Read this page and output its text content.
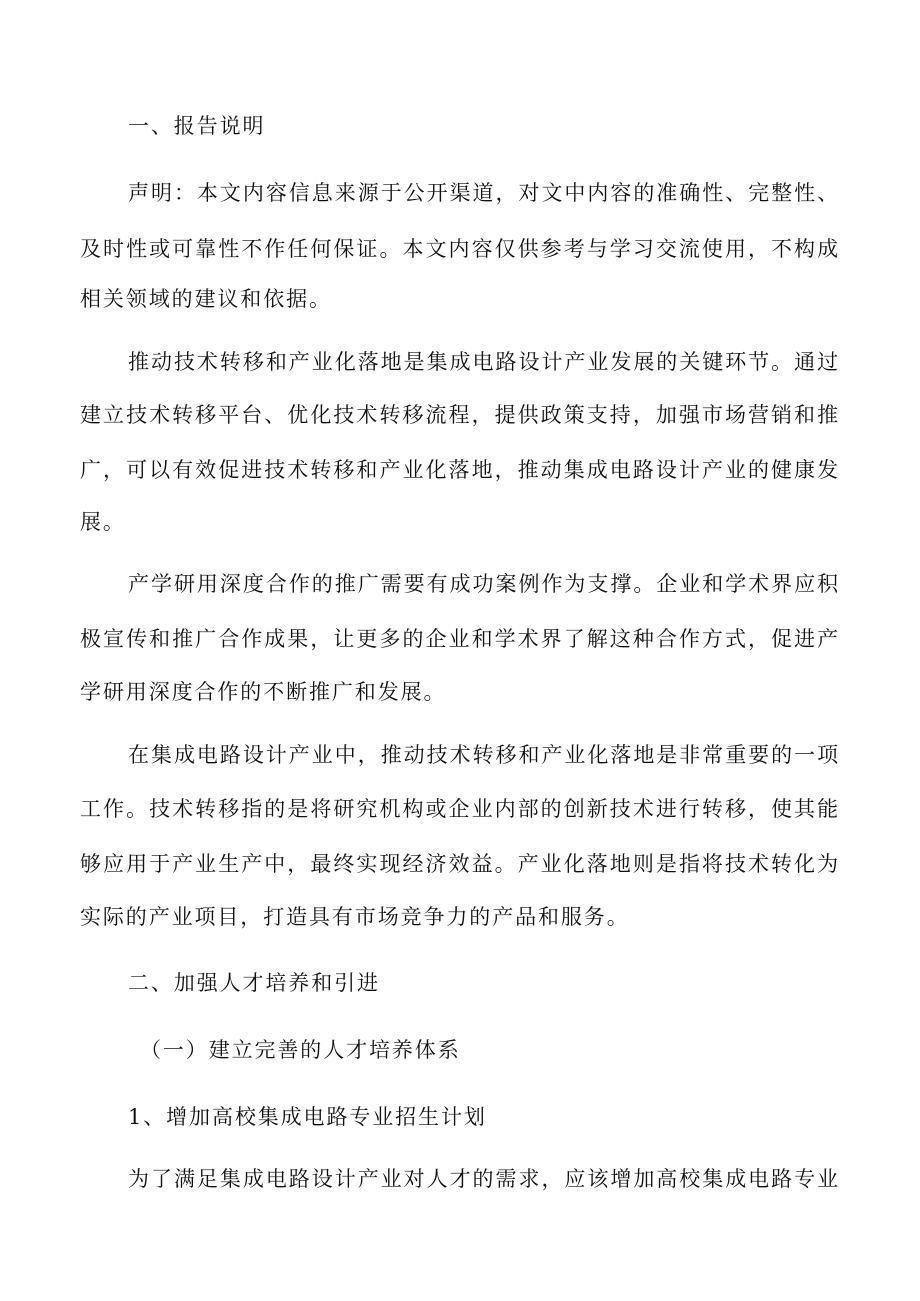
一、报告说明
声明：本文内容信息来源于公开渠道，对文中内容的准确性、完整性、
及时性或可靠性不作任何保证。本文内容仅供参考与学习交流使用，不构成
相关领域的建议和依据。
推动技术转移和产业化落地是集成电路设计产业发展的关键环节。通过
建立技术转移平台、优化技术转移流程，提供政策支持，加强市场营销和推
广，可以有效促进技术转移和产业化落地，推动集成电路设计产业的健康发
展。
产学研用深度合作的推广需要有成功案例作为支撑。企业和学术界应积
极宣传和推广合作成果，让更多的企业和学术界了解这种合作方式，促进产
学研用深度合作的不断推广和发展。
在集成电路设计产业中，推动技术转移和产业化落地是非常重要的一项
工作。技术转移指的是将研究机构或企业内部的创新技术进行转移，使其能
够应用于产业生产中，最终实现经济效益。产业化落地则是指将技术转化为
实际的产业项目，打造具有市场竞争力的产品和服务。
二、加强人才培养和引进
（一）建立完善的人才培养体系
1、增加高校集成电路专业招生计划
为了满足集成电路设计产业对人才的需求，应该增加高校集成电路专业
